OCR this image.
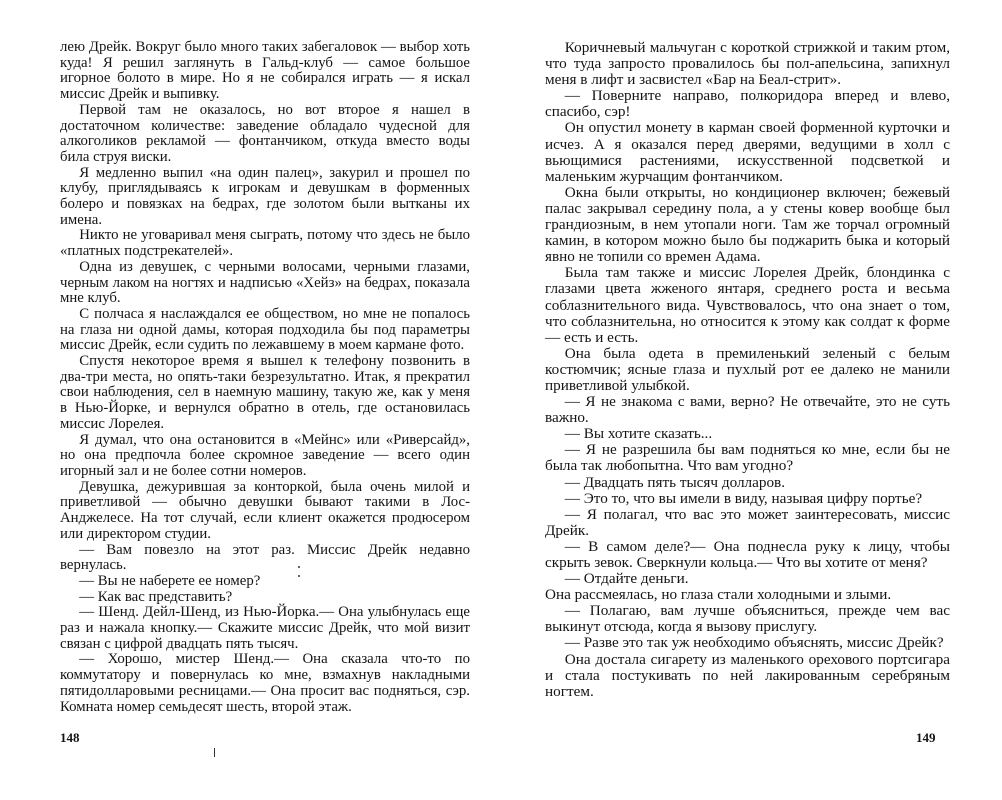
лею Дрейк. Вокруг было много таких забегаловок — выбор хоть куда! Я решил заглянуть в Гальд-клуб — самое большое игорное болото в мире. Но я не собирался играть — я искал миссис Дрейк и выпивку.

Первой там не оказалось, но вот второе я нашел в достаточном количестве: заведение обладало чудесной для алкоголиков рекламой — фонтанчиком, откуда вместо воды била струя виски.

Я медленно выпил «на один палец», закурил и прошел по клубу, приглядываясь к игрокам и девушкам в форменных болеро и повязках на бедрах, где золотом были вытканы их имена.

Никто не уговаривал меня сыграть, потому что здесь не было «платных подстрекателей».

Одна из девушек, с черными волосами, черными глазами, черным лаком на ногтях и надписью «Хейз» на бедрах, показала мне клуб.

С полчаса я наслаждался ее обществом, но мне не попалось на глаза ни одной дамы, которая подходила бы под параметры миссис Дрейк, если судить по лежавшему в моем кармане фото.

Спустя некоторое время я вышел к телефону позвонить в два-три места, но опять-таки безрезультатно. Итак, я прекратил свои наблюдения, сел в наемную машину, такую же, как у меня в Нью-Йорке, и вернулся обратно в отель, где остановилась миссис Лорелея.

Я думал, что она остановится в «Мейнс» или «Риверсайд», но она предпочла более скромное заведение — всего один игорный зал и не более сотни номеров.

Девушка, дежурившая за конторкой, была очень милой и приветливой — обычно девушки бывают такими в Лос-Анджелесе. На тот случай, если клиент окажется продюсером или директором студии.

— Вам повезло на этот раз. Миссис Дрейк недавно вернулась.

— Вы не наберете ее номер?

— Как вас представить?

— Шенд. Дейл-Шенд, из Нью-Йорка.— Она улыбнулась еще раз и нажала кнопку.— Скажите миссис Дрейк, что мой визит связан с цифрой двадцать пять тысяч.

— Хорошо, мистер Шенд.— Она сказала что-то по коммутатору и повернулась ко мне, взмахнув накладными пятидолларовыми ресницами.— Она просит вас подняться, сэр. Комната номер семьдесят шесть, второй этаж.

148

Коричневый мальчуган с короткой стрижкой и таким ртом, что туда запросто провалилось бы пол-апельсина, запихнул меня в лифт и засвистел «Бар на Беал-стрит».

— Поверните направо, полкоридора вперед и влево, спасибо, сэр!

Он опустил монету в карман своей форменной курточки и исчез. А я оказался перед дверями, ведущими в холл с вьющимися растениями, искусственной подсветкой и маленьким журчащим фонтанчиком.

Окна были открыты, но кондиционер включен; бежевый палас закрывал середину пола, а у стены ковер вообще был грандиозным, в нем утопали ноги. Там же торчал огромный камин, в котором можно было бы поджарить быка и который явно не топили со времен Адама.

Была там также и миссис Лорелея Дрейк, блондинка с глазами цвета жженого янтаря, среднего роста и весьма соблазнительного вида. Чувствовалось, что она знает о том, что соблазнительна, но относится к этому как солдат к форме — есть и есть.

Она была одета в премиленький зеленый с белым костюмчик; ясные глаза и пухлый рот ее далеко не манили приветливой улыбкой.

— Я не знакома с вами, верно? Не отвечайте, это не суть важно.

— Вы хотите сказать...

— Я не разрешила бы вам подняться ко мне, если бы не была так любопытна. Что вам угодно?

— Двадцать пять тысяч долларов.

— Это то, что вы имели в виду, называя цифру портье?

— Я полагал, что вас это может заинтересовать, миссис Дрейк.

— В самом деле?— Она поднесла руку к лицу, чтобы скрыть зевок. Сверкнули кольца.— Что вы хотите от меня?

— Отдайте деньги.

Она рассмеялась, но глаза стали холодными и злыми.

— Полагаю, вам лучше объясниться, прежде чем вас выкинут отсюда, когда я вызову прислугу.

— Разве это так уж необходимо объяснять, миссис Дрейк?

Она достала сигарету из маленького орехового портсигара и стала постукивать по ней лакированным серебряным ногтем.

149
